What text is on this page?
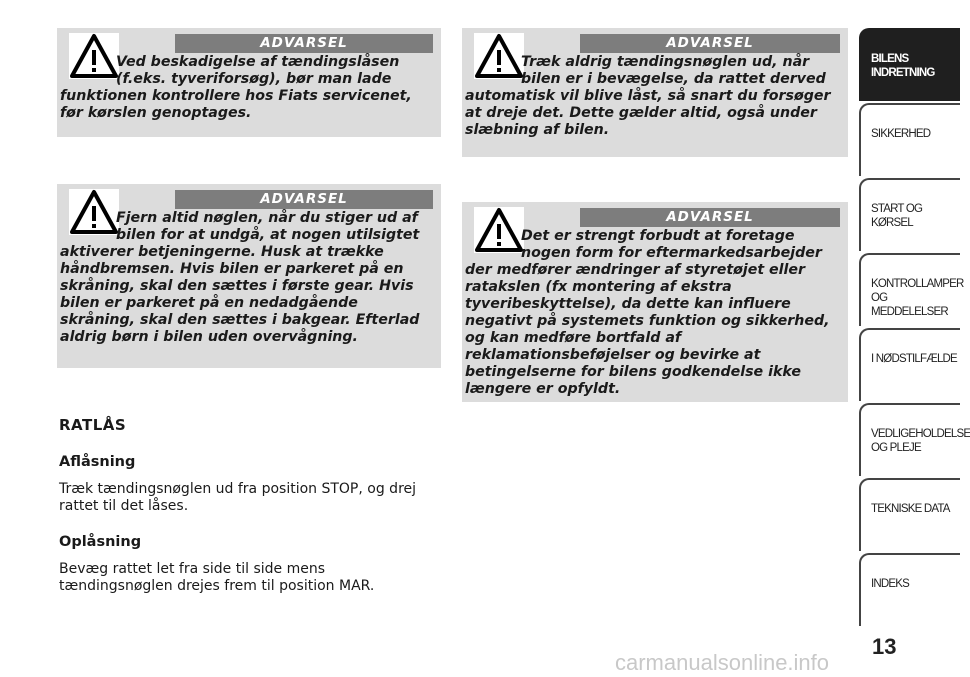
ADVARSEL

Ved beskadigelse af tændingslåsen (f.eks. tyveriforsøg), bør man lade funktionen kontrollere hos Fiats servicenet, før kørslen genoptages.

ADVARSEL

Fjern altid nøglen, når du stiger ud af bilen for at undgå, at nogen utilsigtet aktiverer betjeningerne. Husk at trække håndbremsen. Hvis bilen er parkeret på en skråning, skal den sættes i første gear. Hvis bilen er parkeret på en nedadgående skråning, skal den sættes i bakgear. Efterlad aldrig børn i bilen uden overvågning.

ADVARSEL

Træk aldrig tændingsnøglen ud, når bilen er i bevægelse, da rattet derved automatisk vil blive låst, så snart du forsøger at dreje det. Dette gælder altid, også under slæbning af bilen.

ADVARSEL

Det er strengt forbudt at foretage nogen form for eftermarkedsarbejder der medfører ændringer af styretøjet eller ratakslen (fx montering af ekstra tyveribeskyttelse), da dette kan influere negativt på systemets funktion og sikkerhed, og kan medføre bortfald af reklamationsbeføjelser og bevirke at betingelserne for bilens godkendelse ikke længere er opfyldt.

RATLÅS
Aflåsning

Træk tændingsnøglen ud fra position STOP, og drej rattet til det låses.

Oplåsning

Bevæg rattet let fra side til side mens tændingsnøglen drejes frem til position MAR.

BILENS INDRETNING
SIKKERHED
START OG KØRSEL
KONTROLLAMPER OG MEDDELELSER
I NØDSTILFÆLDE
VEDLIGEHOLDELSE OG PLEJE
TEKNISKE DATA
INDEKS
13
carmanualsonline.info
